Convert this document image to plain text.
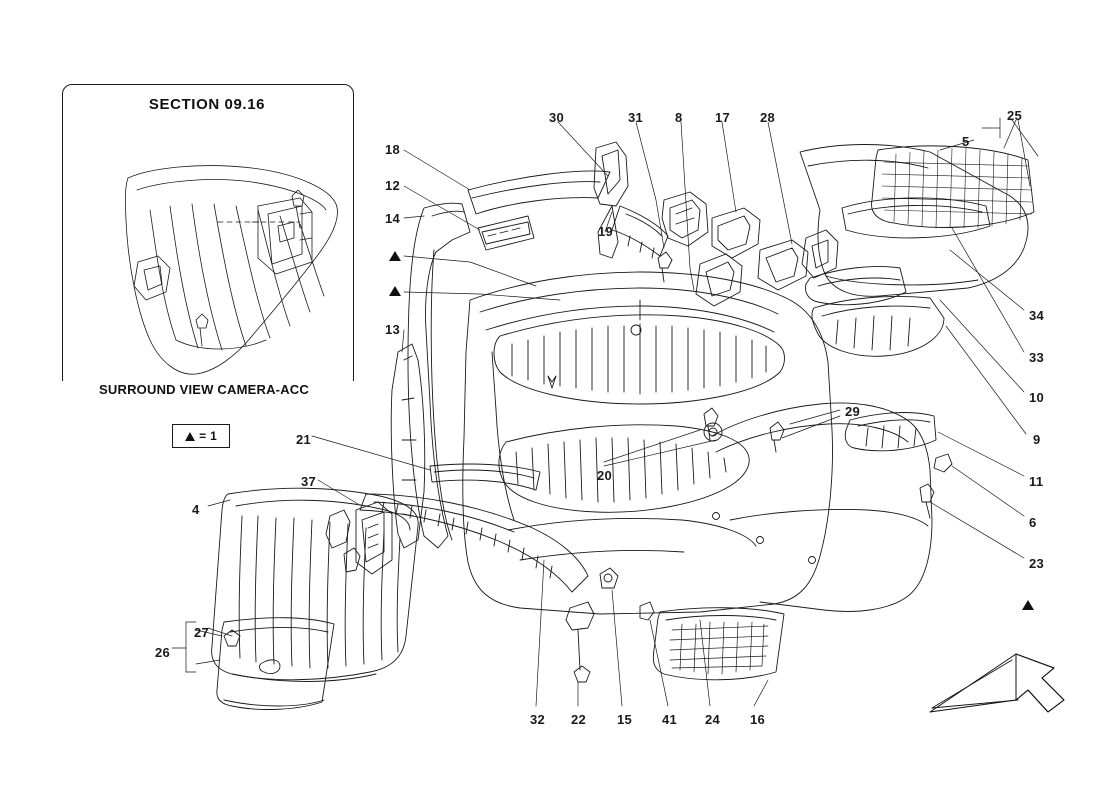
SECTION 09.16
SURROUND VIEW CAMERA-ACC
= 1
30	31 8 17 28	25
5
18
12
14
19
34
33
10
9
13
29
20	11
6
23
21
37
4
27
26
32 22 15 41 24 16
